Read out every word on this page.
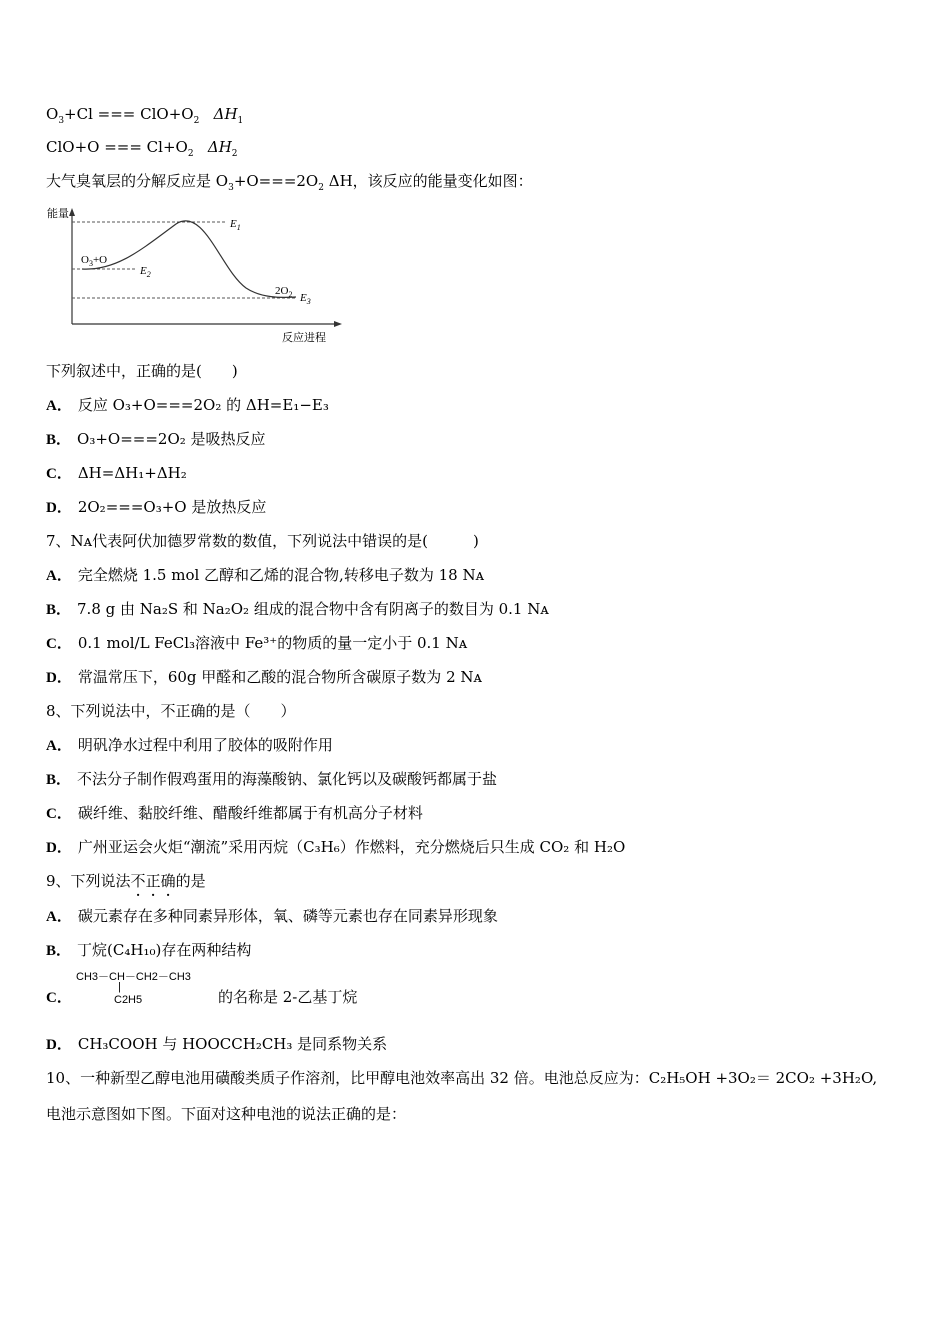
$O_3+Cl$ === $ClO+O_2$ $\Delta H_1$
ClO+O === $Cl+O_2$ $\Delta H_2$
大气臭氧层的分解反应是 $O_3+O===2O_2$ ΔH，该反应的能量变化如图：
能量
反应进程
$E_1$
$E_2$
$E_3$
$O_3+O$
$2O_2$
下列叙述中，正确的是(　　)
A． 反应 O₃+O===2O₂ 的 ΔH=E₁−E₃
B． O₃+O===2O₂ 是吸热反应
C． ΔH=ΔH₁+ΔH₂
D． 2O₂===O₃+O 是放热反应
7、Nᴀ代表阿伏加德罗常数的数值，下列说法中错误的是(　　　)
A． 完全燃烧 1.5 mol 乙醇和乙烯的混合物,转移电子数为 18 Nᴀ
B． 7.8 g 由 Na₂S 和 Na₂O₂ 组成的混合物中含有阴离子的数目为 0.1 Nᴀ
C． 0.1 mol/L FeCl₃溶液中 Fe³⁺的物质的量一定小于 0.1 Nᴀ
D． 常温常压下，60g 甲醛和乙酸的混合物所含碳原子数为 2 Nᴀ
8、下列说法中，不正确的是（　　）
A． 明矾净水过程中利用了胶体的吸附作用
B． 不法分子制作假鸡蛋用的海藻酸钠、氯化钙以及碳酸钙都属于盐
C． 碳纤维、黏胶纤维、醋酸纤维都属于有机高分子材料
D． 广州亚运会火炬“潮流”采用丙烷（C₃H₆）作燃料，充分燃烧后只生成 CO₂ 和 H₂O
9、下列说法不正确的是
A． 碳元素存在多种同素异形体，氧、磷等元素也存在同素异形现象
B． 丁烷(C₄H₁₀)存在两种结构
C．
CH3－CH－CH2－CH3
|
C2H5	的名称是 2-乙基丁烷
D． CH₃COOH 与 HOOCCH₂CH₃ 是同系物关系
10、一种新型乙醇电池用磺酸类质子作溶剂，比甲醇电池效率高出 32 倍。电池总反应为：C₂H₅OH +3O₂＝ 2CO₂ +3H₂O,
电池示意图如下图。下面对这种电池的说法正确的是：
